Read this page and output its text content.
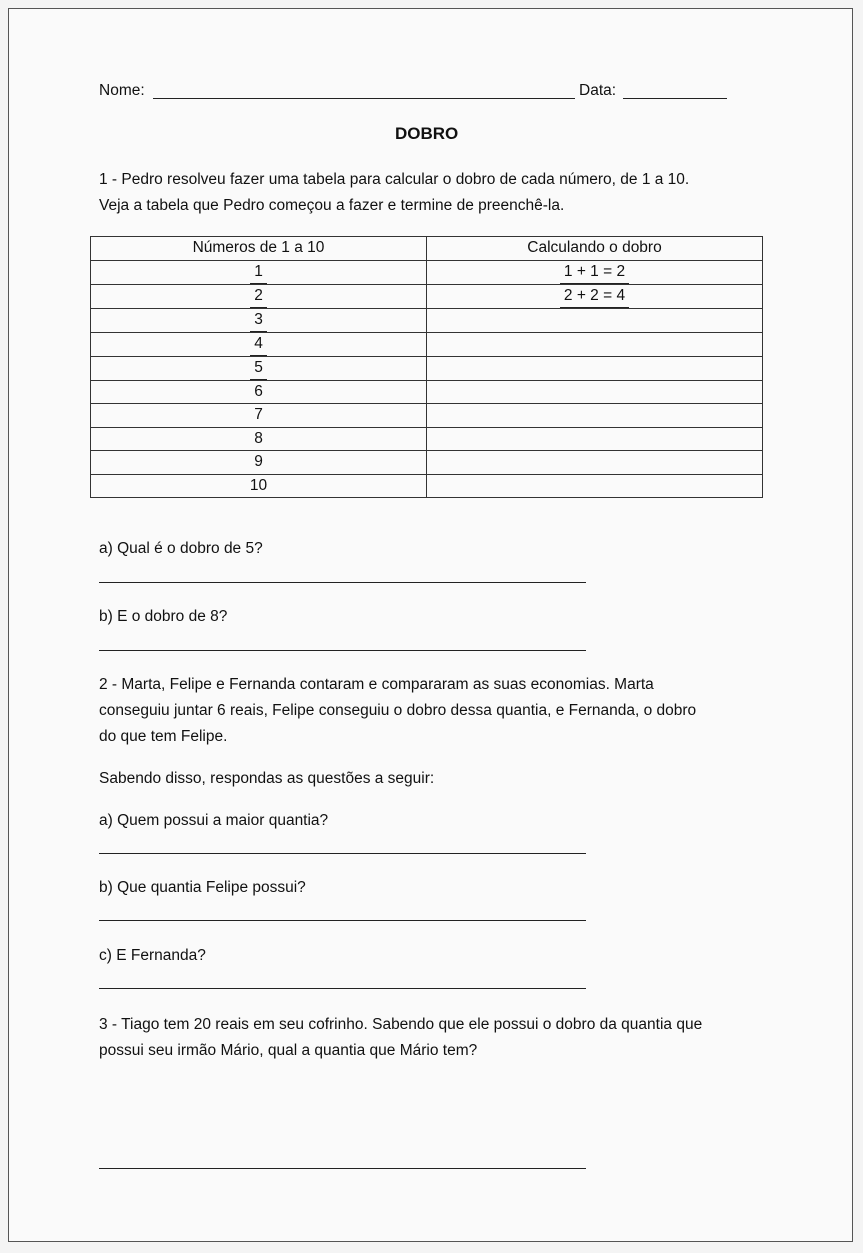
Nome:	Data:
DOBRO
1 - Pedro resolveu fazer uma tabela para calcular o dobro de cada número, de 1 a 10.
Veja a tabela que Pedro começou a fazer e termine de preenchê-la.
Números de 1 a 10	Calculando o dobro
1	1 + 1 = 2
2	2 + 2 = 4
3	
4	
5	
6	
7	
8	
9	
10	
a) Qual é o dobro de 5?
b) E o dobro de 8?
2 - Marta, Felipe e Fernanda contaram e compararam as suas economias. Marta
conseguiu juntar 6 reais, Felipe conseguiu o dobro dessa quantia, e Fernanda, o dobro
do que tem Felipe.
Sabendo disso, respondas as questões a seguir:
a) Quem possui a maior quantia?
b) Que quantia Felipe possui?
c) E Fernanda?
3 - Tiago tem 20 reais em seu cofrinho. Sabendo que ele possui o dobro da quantia que
possui seu irmão Mário, qual a quantia que Mário tem?
